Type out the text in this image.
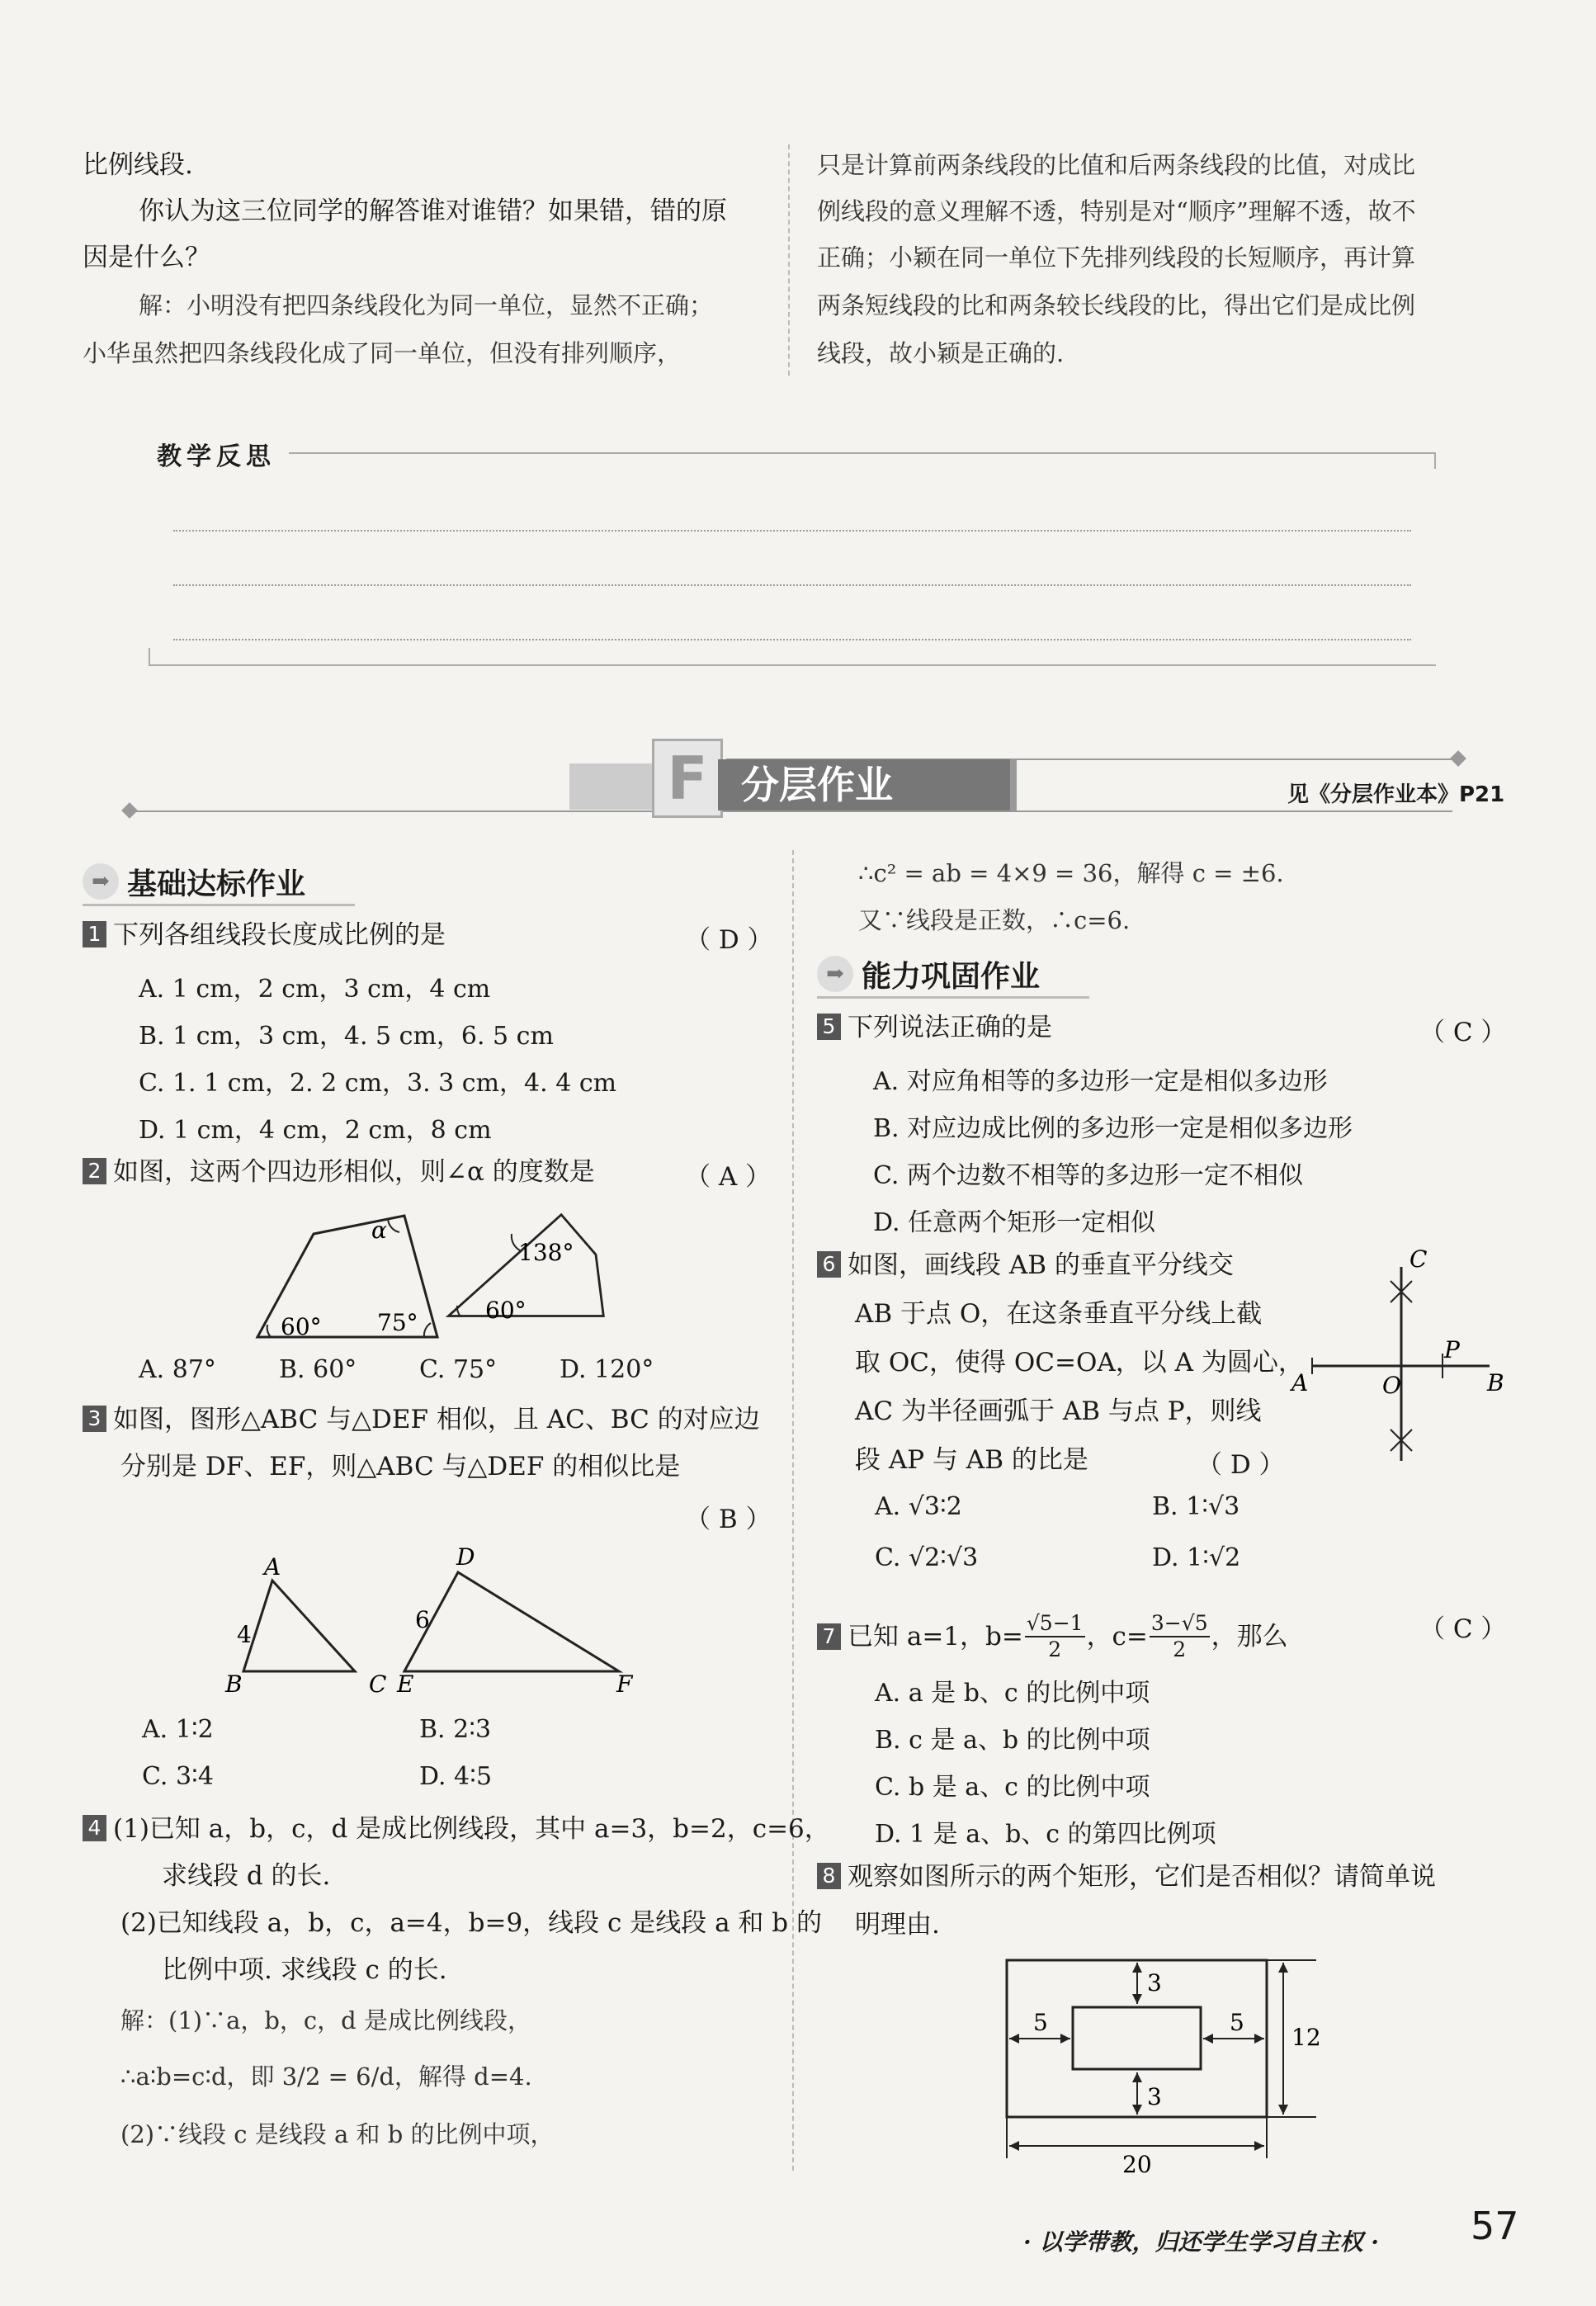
比例线段.
你认为这三位同学的解答谁对谁错？如果错，错的原
因是什么？
解：小明没有把四条线段化为同一单位，显然不正确；
小华虽然把四条线段化成了同一单位，但没有排列顺序，
只是计算前两条线段的比值和后两条线段的比值，对成比
例线段的意义理解不透，特别是对“顺序”理解不透，故不
正确；小颖在同一单位下先排列线段的长短顺序，再计算
两条短线段的比和两条较长线段的比，得出它们是成比例
线段，故小颖是正确的.
教学反思
F 分层作业	见《分层作业本》P21
➡ 基础达标作业
1 下列各组线段长度成比例的是	（ D ）
A. 1 cm，2 cm，3 cm，4 cm
B. 1 cm，3 cm，4. 5 cm，6. 5 cm
C. 1. 1 cm，2. 2 cm，3. 3 cm，4. 4 cm
D. 1 cm，4 cm，2 cm，8 cm
2 如图，这两个四边形相似，则∠α 的度数是	（ A ）
α
60° 75°
138°
60°
A. 87°	B. 60°	C. 75°	D. 120°
3 如图，图形△ABC 与△DEF 相似，且 AC、BC 的对应边
分别是 DF、EF，则△ABC 与△DEF 的相似比是
（ B ）
A
B	C
4
D
E	F
6
A. 1∶2	B. 2∶3
C. 3∶4	D. 4∶5
4 (1)已知 a，b，c，d 是成比例线段，其中 a=3，b=2，c=6，
求线段 d 的长.
(2)已知线段 a，b，c，a=4，b=9，线段 c 是线段 a 和 b 的
比例中项. 求线段 c 的长.
解：(1)∵a，b，c，d 是成比例线段，
∴a∶b=c∶d，即 3/2 = 6/d，解得 d=4.
(2)∵线段 c 是线段 a 和 b 的比例中项，
∴c² = ab = 4×9 = 36，解得 c = ±6.
又∵线段是正数，∴c=6.
➡ 能力巩固作业
5 下列说法正确的是	（ C ）
A. 对应角相等的多边形一定是相似多边形
B. 对应边成比例的多边形一定是相似多边形
C. 两个边数不相等的多边形一定不相似
D. 任意两个矩形一定相似
6 如图，画线段 AB 的垂直平分线交
AB 于点 O，在这条垂直平分线上截
取 OC，使得 OC=OA，以 A 为圆心，
AC 为半径画弧于 AB 与点 P，则线
段 AP 与 AB 的比是	（ D ）
C
A	O
P
B
A. √3∶2	B. 1∶√3
C. √2∶√3	D. 1∶√2
7 已知 a=1，$b= \frac{√5-1}{2}$ ，$c= \frac{3-√5}{2}$ ，那么	（ C ）
A. a 是 b、c 的比例中项
B. c 是 a、b 的比例中项
C. b 是 a、c 的比例中项
D. 1 是 a、b、c 的第四比例项
8 观察如图所示的两个矩形，它们是否相似？请简单说
明理由.
3
3
5	5
12
20
· 以学带教，归还学生学习自主权 · 57
